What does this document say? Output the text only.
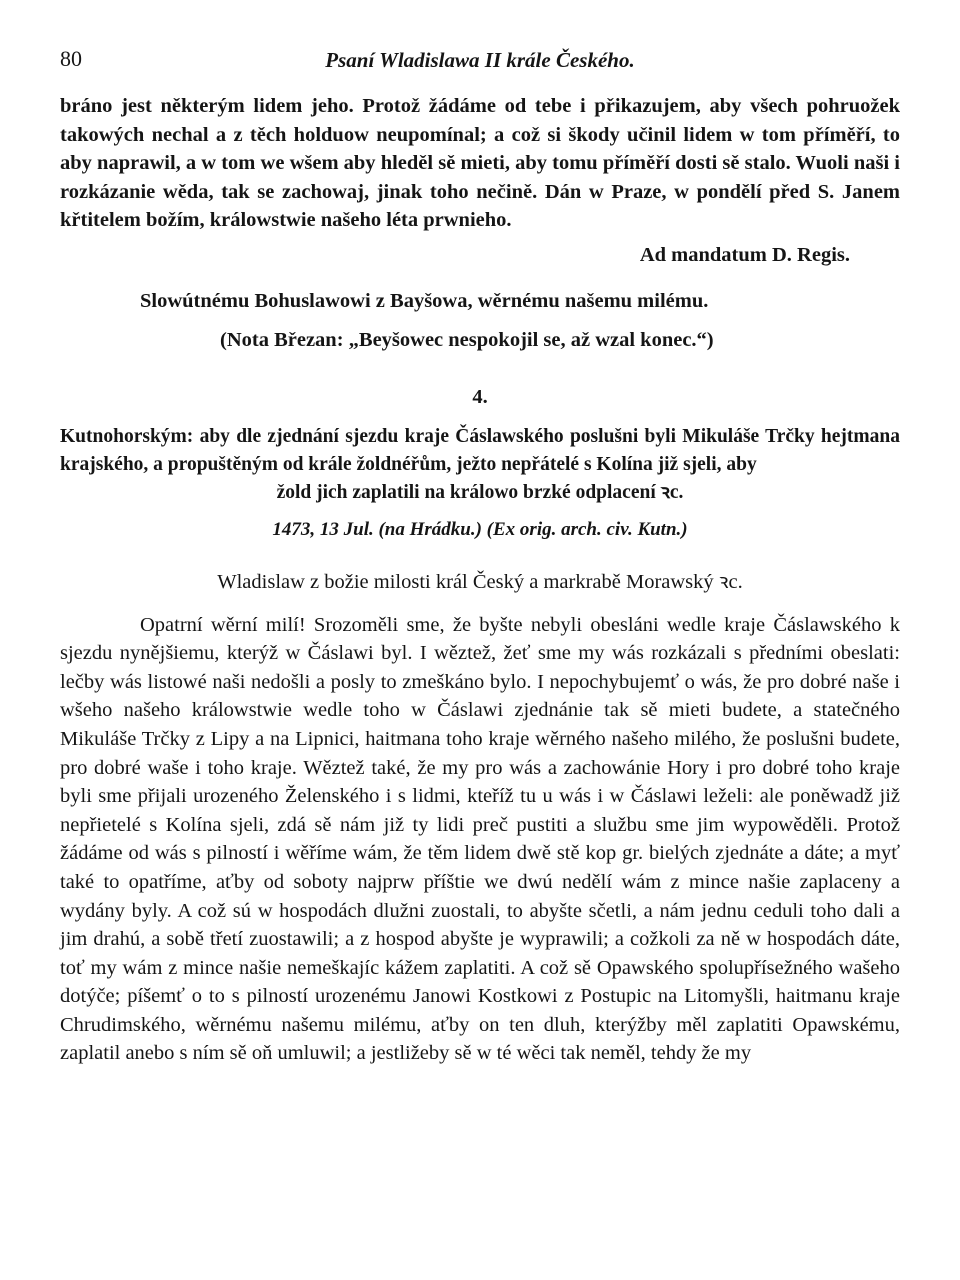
80	Psaní Wladislawa II krále Českého.

bráno jest některým lidem jeho. Protož žádáme od tebe i přikazujem, aby všech pohruožek takowých nechal a z těch holduow neupomínal; a což si škody učinil lidem w tom příměří, to aby naprawil, a w tom we wšem aby hleděl sě mieti, aby tomu příměří dosti sě stalo. Wuoli naši i rozkázanie wěda, tak se zachowaj, jinak toho nečině. Dán w Praze, w pondělí před S. Janem křtitelem božím, králowstwie našeho léta prwnieho.

Ad mandatum D. Regis.
Slowútnému Bohuslawowi z Bayšowa, wěrnému našemu milému.
(Nota Březan: „Beyšowec nespokojil se, až wzal konec.“)
4.
Kutnohorským: aby dle zjednání sjezdu kraje Čáslawského poslušni byli Mikuláše Trčky hejtmana krajského, a propuštěným od krále žoldnéřům, ježto nepřátelé s Kolína již sjeli, aby
žold jich zaplatili na králowo brzké odplacení ꝛc.
1473, 13 Jul. (na Hrádku.) (Ex orig. arch. civ. Kutn.)
Wladislaw z božie milosti král Český a markrabě Morawský ꝛc.

Opatrní wěrní milí! Srozoměli sme, že byšte nebyli obesláni wedle kraje Čáslawského k sjezdu nynějšiemu, kterýž w Čáslawi byl. I wěztež, žeť sme my wás rozkázali s předními obeslati: lečby wás listowé naši nedošli a posly to zmeškáno bylo. I nepochybujemť o wás, že pro dobré naše i wšeho našeho králowstwie wedle toho w Čáslawi zjednánie tak sě mieti budete, a statečného Mikuláše Trčky z Lipy a na Lipnici, haitmana toho kraje wěrného našeho milého, že poslušni budete, pro dobré waše i toho kraje. Wěztež také, že my pro wás a zachowánie Hory i pro dobré toho kraje byli sme přijali urozeného Želenského i s lidmi, kteříž tu u wás i w Čáslawi leželi: ale poněwadž již nepřietelé s Kolína sjeli, zdá sě nám již ty lidi preč pustiti a službu sme jim wypowěděli. Protož žádáme od wás s pilností i wěříme wám, že těm lidem dwě stě kop gr. bielých zjednáte a dáte; a myť také to opatříme, aťby od soboty najprw příštie we dwú nedělí wám z mince našie zaplaceny a wydány byly. A což sú w hospodách dlužni zuostali, to abyšte sčetli, a nám jednu ceduli toho dali a jim drahú, a sobě třetí zuostawili; a z hospod abyšte je wyprawili; a cožkoli za ně w hospodách dáte, toť my wám z mince našie nemeškajíc kážem zaplatiti. A což sě Opawského spolupřísežného wašeho dotýče; píšemť o to s pilností urozenému Janowi Kostkowi z Postupic na Litomyšli, haitmanu kraje Chrudimského, wěrnému našemu milému, aťby on ten dluh, kterýžby měl zaplatiti Opawskému, zaplatil anebo s ním sě oň umluwil; a jestližeby sě w té wěci tak neměl, tehdy že my
